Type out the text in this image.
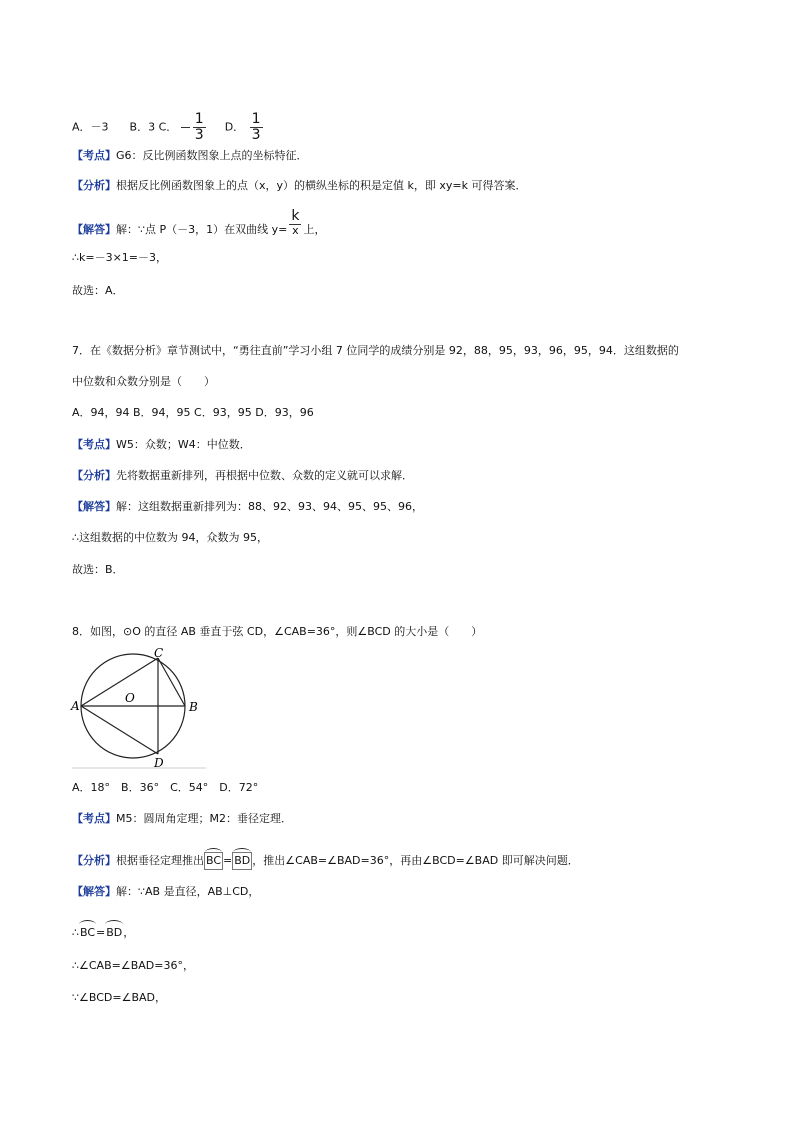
A．－3 B．3 C． $\frac{1}{3}$ D． $\frac{1}{3}$
【考点】G6：反比例函数图象上点的坐标特征．
【分析】根据反比例函数图象上的点（x，y）的横纵坐标的积是定值 k，即 xy=k 可得答案．
【解答】解：∵点 P（－3，1）在双曲线 $y= \frac{k}{x}$ 上，
∴k=－3×1=－3，
故选：A．
7．在《数据分析》章节测试中，“勇往直前”学习小组 7 位同学的成绩分别是 92，88，95，93，96，95，94．这组数据的
中位数和众数分别是（　　）
A．94，94 B．94，95 C．93，95 D．93，96
【考点】W5：众数；W4：中位数．
【分析】先将数据重新排列，再根据中位数、众数的定义就可以求解．
【解答】解：这组数据重新排列为：88、92、93、94、95、95、96，
∴这组数据的中位数为 94，众数为 95，
故选：B．
8．如图，⊙O 的直径 AB 垂直于弦 CD，∠CAB=36°，则∠BCD 的大小是（　　）
A	B
C
D
O
A．18°　B．36°　C．54°　D．72°
【考点】M5：圆周角定理；M2：垂径定理．
【分析】根据垂径定理推出 BC = BD ，推出∠CAB=∠BAD=36°，再由∠BCD=∠BAD 即可解决问题．
【解答】解：∵AB 是直径，AB⊥CD，
∴BC=BD，
∴∠CAB=∠BAD=36°，
∵∠BCD=∠BAD，
